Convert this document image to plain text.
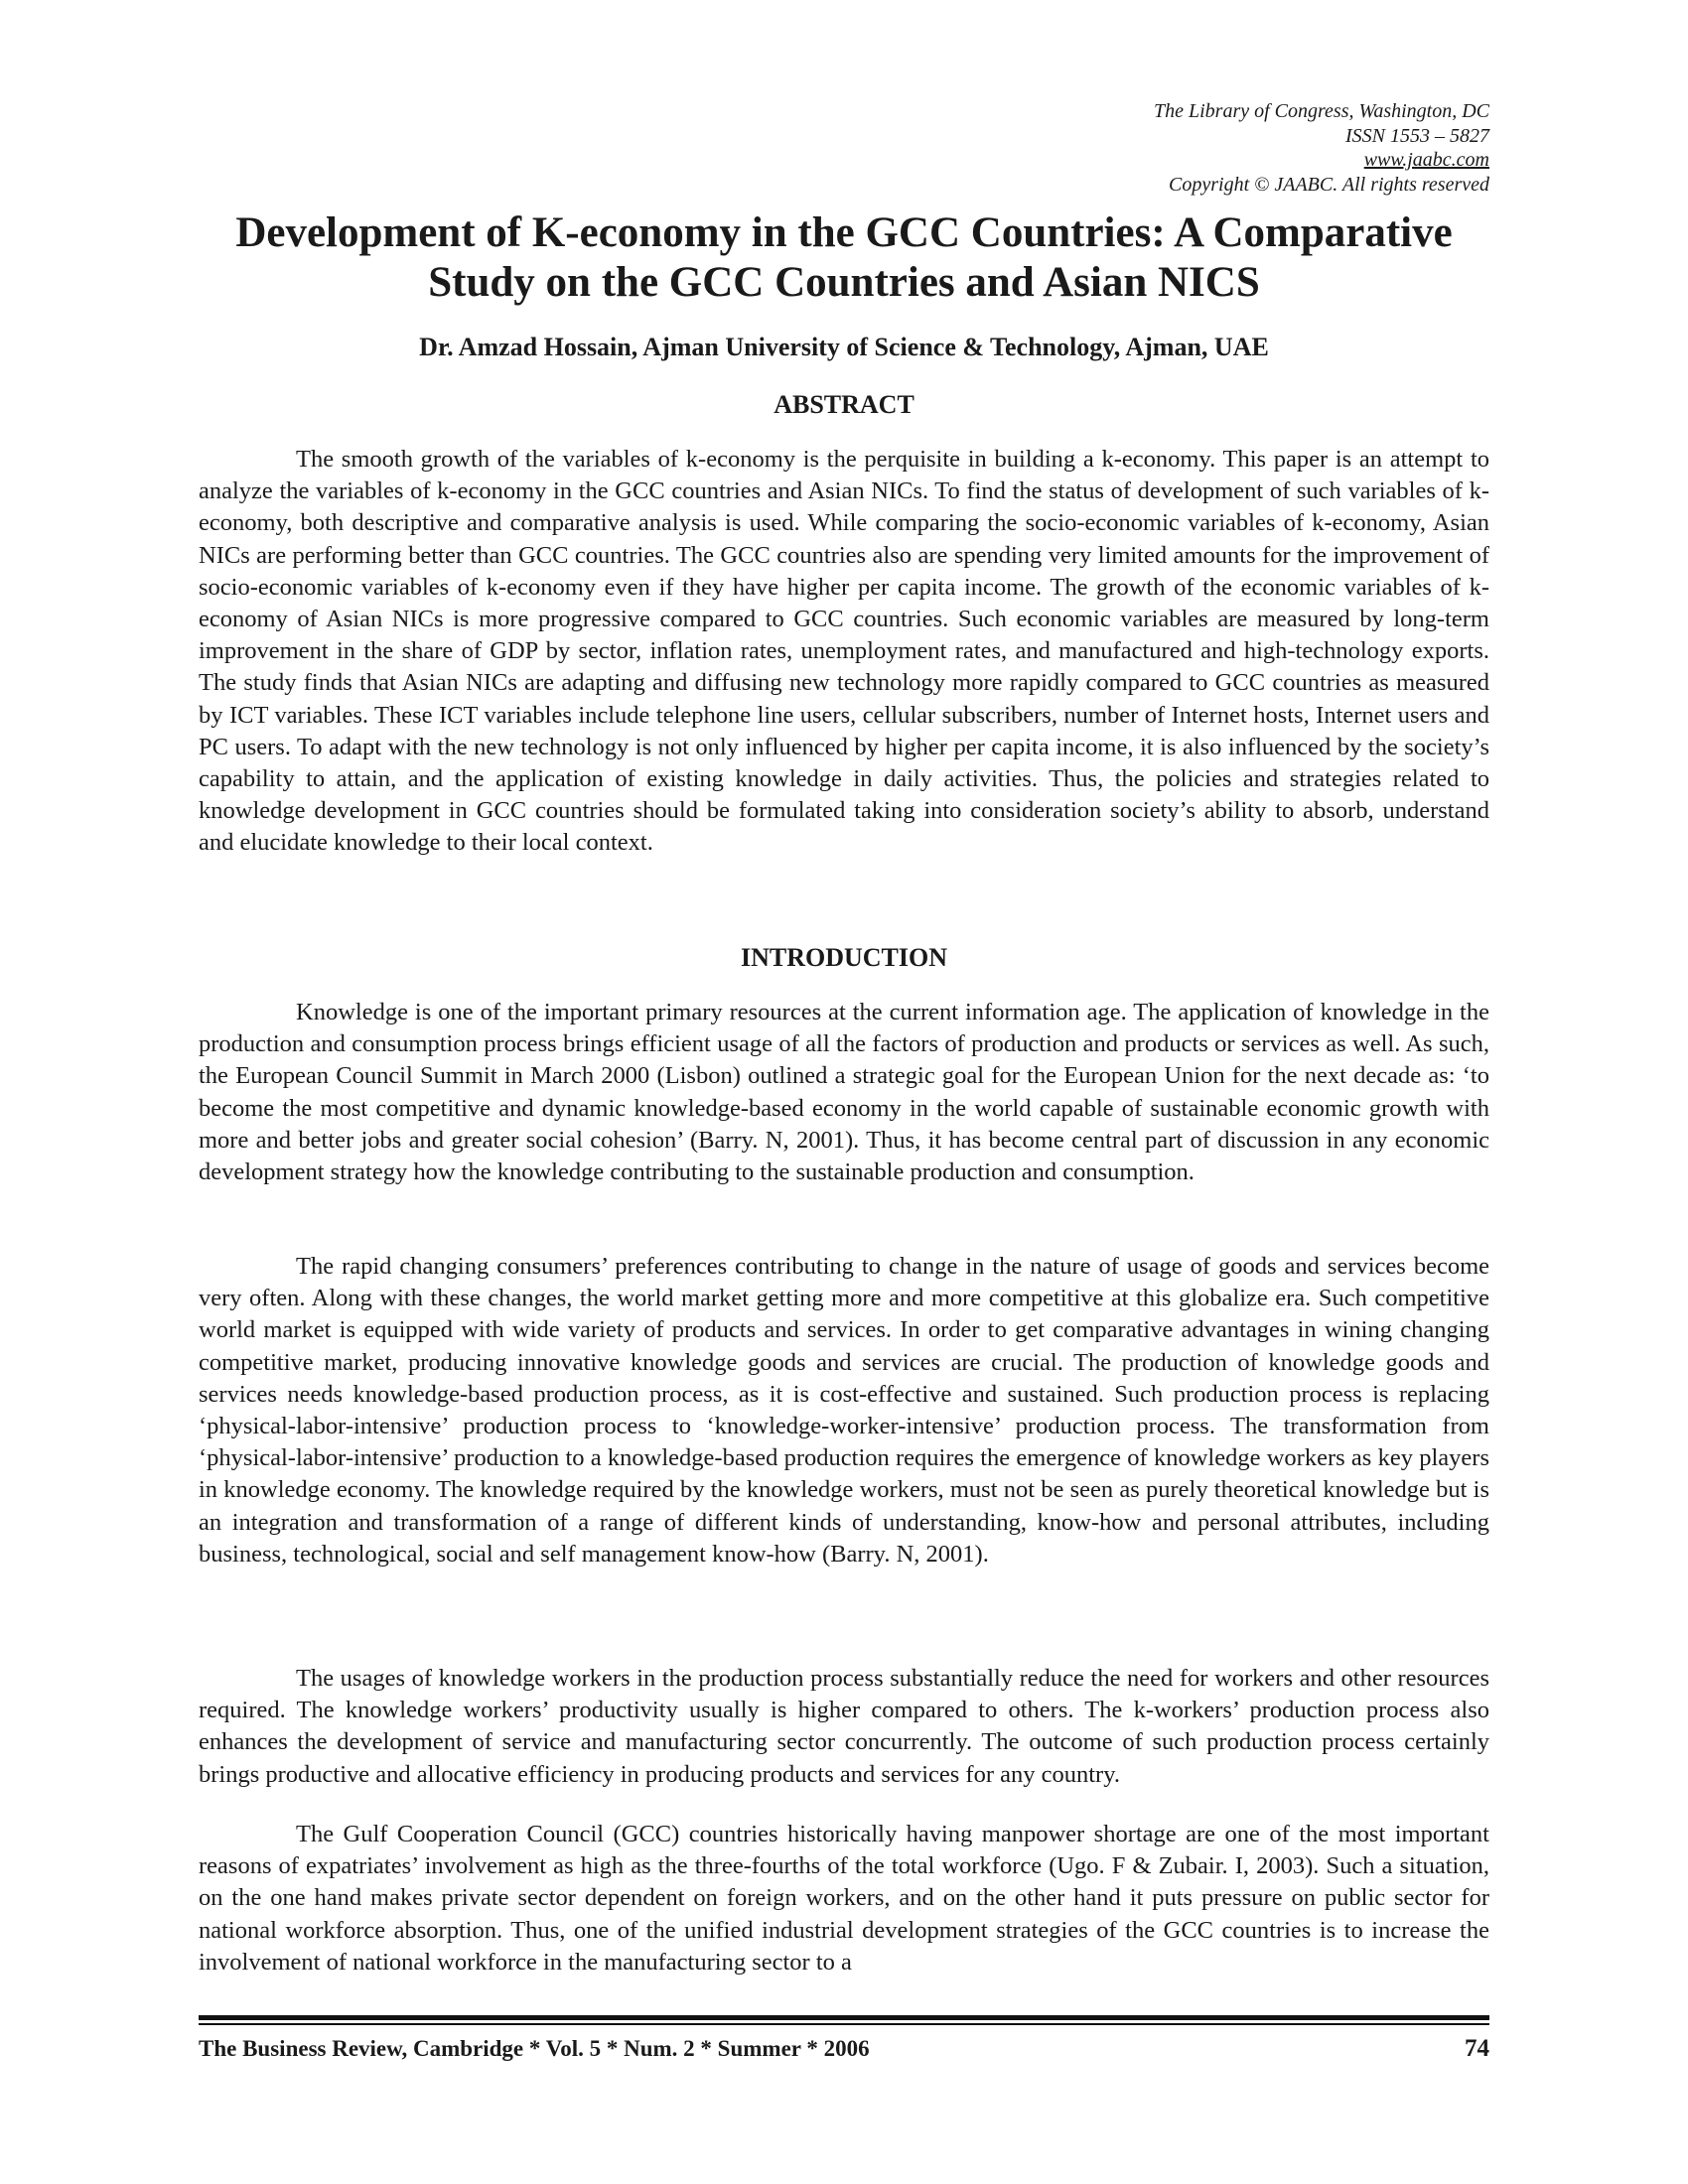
The Library of Congress, Washington, DC
ISSN 1553 – 5827
www.jaabc.com
Copyright © JAABC. All rights reserved
Development of K-economy in the GCC Countries: A Comparative Study on the GCC Countries and Asian NICS

Dr. Amzad Hossain, Ajman University of Science & Technology, Ajman, UAE

ABSTRACT

The smooth growth of the variables of k-economy is the perquisite in building a k-economy. This paper is an attempt to analyze the variables of k-economy in the GCC countries and Asian NICs. To find the status of development of such variables of k-economy, both descriptive and comparative analysis is used. While comparing the socio-economic variables of k-economy, Asian NICs are performing better than GCC countries. The GCC countries also are spending very limited amounts for the improvement of socio-economic variables of k-economy even if they have higher per capita income. The growth of the economic variables of k-economy of Asian NICs is more progressive compared to GCC countries. Such economic variables are measured by long-term improvement in the share of GDP by sector, inflation rates, unemployment rates, and manufactured and high-technology exports. The study finds that Asian NICs are adapting and diffusing new technology more rapidly compared to GCC countries as measured by ICT variables. These ICT variables include telephone line users, cellular subscribers, number of Internet hosts, Internet users and PC users. To adapt with the new technology is not only influenced by higher per capita income, it is also influenced by the society’s capability to attain, and the application of existing knowledge in daily activities. Thus, the policies and strategies related to knowledge development in GCC countries should be formulated taking into consideration society’s ability to absorb, understand and elucidate knowledge to their local context.

INTRODUCTION

Knowledge is one of the important primary resources at the current information age. The application of knowledge in the production and consumption process brings efficient usage of all the factors of production and products or services as well. As such, the European Council Summit in March 2000 (Lisbon) outlined a strategic goal for the European Union for the next decade as: ‘to become the most competitive and dynamic knowledge-based economy in the world capable of sustainable economic growth with more and better jobs and greater social cohesion’ (Barry. N, 2001). Thus, it has become central part of discussion in any economic development strategy how the knowledge contributing to the sustainable production and consumption.

The rapid changing consumers’ preferences contributing to change in the nature of usage of goods and services become very often. Along with these changes, the world market getting more and more competitive at this globalize era. Such competitive world market is equipped with wide variety of products and services. In order to get comparative advantages in wining changing competitive market, producing innovative knowledge goods and services are crucial. The production of knowledge goods and services needs knowledge-based production process, as it is cost-effective and sustained. Such production process is replacing ‘physical-labor-intensive’ production process to ‘knowledge-worker-intensive’ production process. The transformation from ‘physical-labor-intensive’ production to a knowledge-based production requires the emergence of knowledge workers as key players in knowledge economy. The knowledge required by the knowledge workers, must not be seen as purely theoretical knowledge but is an integration and transformation of a range of different kinds of understanding, know-how and personal attributes, including business, technological, social and self management know-how (Barry. N, 2001).

The usages of knowledge workers in the production process substantially reduce the need for workers and other resources required. The knowledge workers’ productivity usually is higher compared to others. The k-workers’ production process also enhances the development of service and manufacturing sector concurrently. The outcome of such production process certainly brings productive and allocative efficiency in producing products and services for any country.

The Gulf Cooperation Council (GCC) countries historically having manpower shortage are one of the most important reasons of expatriates’ involvement as high as the three-fourths of the total workforce (Ugo. F & Zubair. I, 2003). Such a situation, on the one hand makes private sector dependent on foreign workers, and on the other hand it puts pressure on public sector for national workforce absorption. Thus, one of the unified industrial development strategies of the GCC countries is to increase the involvement of national workforce in the manufacturing sector to a

The Business Review, Cambridge * Vol. 5 * Num. 2 * Summer * 2006	74
